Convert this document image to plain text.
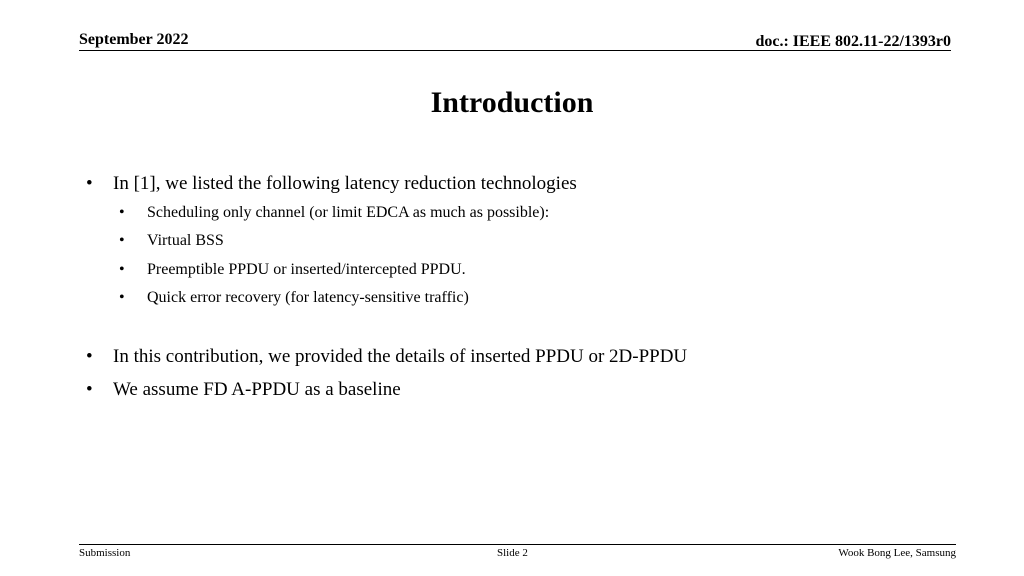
September 2022	doc.: IEEE 802.11-22/1393r0
Introduction
• In [1], we listed the following latency reduction technologies
• Scheduling only channel (or limit EDCA as much as possible):
• Virtual BSS
• Preemptible PPDU or inserted/intercepted PPDU.
• Quick error recovery (for latency-sensitive traffic)
• In this contribution, we provided the details of inserted PPDU or 2D-PPDU
• We assume FD A-PPDU as a baseline
Submission	Slide 2	Wook Bong Lee, Samsung
